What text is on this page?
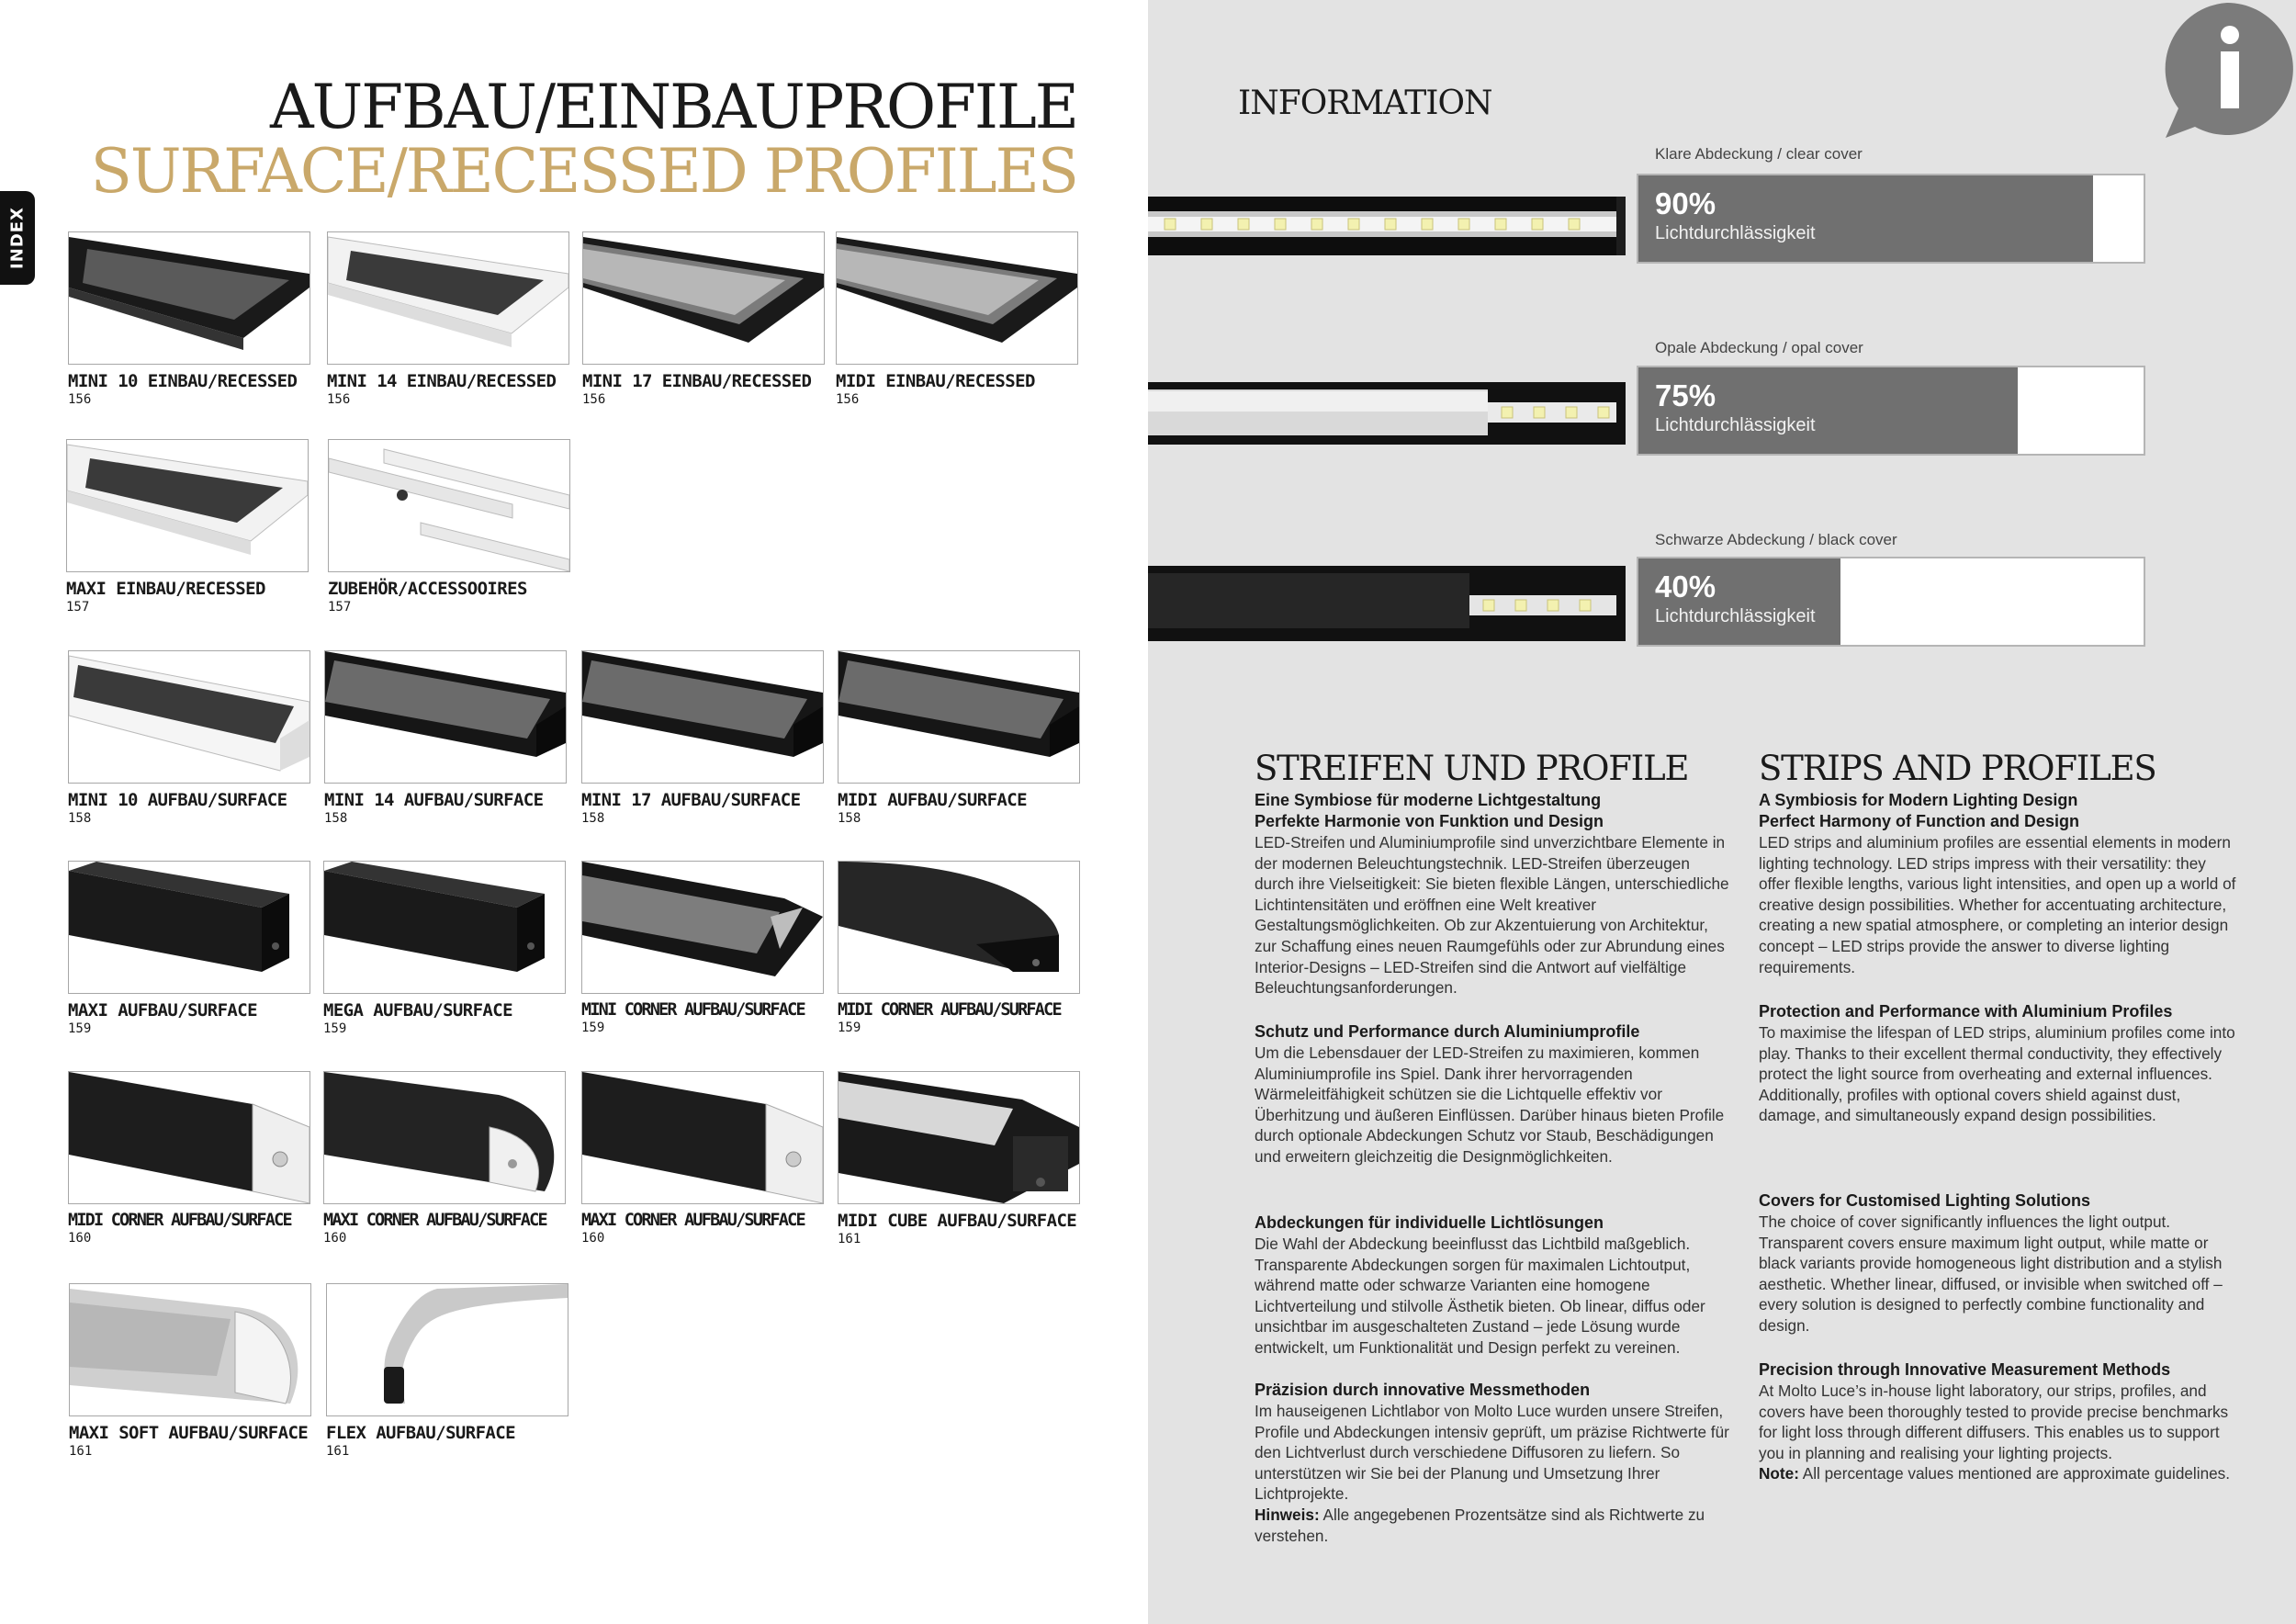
AUFBAU/EINBAUPROFILE
SURFACE/RECESSED PROFILES
INDEX
MINI 10 EINBAU/RECESSED
156
MINI 14 EINBAU/RECESSED
156
MINI 17 EINBAU/RECESSED
156
MIDI EINBAU/RECESSED
156
MAXI EINBAU/RECESSED
157
ZUBEHÖR/ACCESSOOIRES
157
MINI 10 AUFBAU/SURFACE
158
MINI 14 AUFBAU/SURFACE
158
MINI 17 AUFBAU/SURFACE
158
MIDI AUFBAU/SURFACE
158
MAXI AUFBAU/SURFACE
159
MEGA AUFBAU/SURFACE
159
MINI CORNER AUFBAU/SURFACE
159
MIDI CORNER AUFBAU/SURFACE
159
MIDI CORNER AUFBAU/SURFACE
160
MAXI CORNER AUFBAU/SURFACE
160
MAXI CORNER AUFBAU/SURFACE
160
MIDI CUBE AUFBAU/SURFACE
161
MAXI SOFT AUFBAU/SURFACE
161
FLEX AUFBAU/SURFACE
161
INFORMATION
Klare Abdeckung / clear cover
90%
Lichtdurchlässigkeit
Opale Abdeckung / opal cover
75%
Lichtdurchlässigkeit
Schwarze Abdeckung / black cover
40%
Lichtdurchlässigkeit
STREIFEN UND PROFILE
Eine Symbiose für moderne Lichtgestaltung
Perfekte Harmonie von Funktion und Design

LED-Streifen und Aluminiumprofile sind unverzichtbare Elemente in der modernen Beleuchtungstechnik. LED-Streifen überzeugen durch ihre Vielseitigkeit: Sie bieten flexible Längen, unterschiedliche Lichtintensitäten und eröffnen eine Welt kreativer Gestaltungsmöglichkeiten. Ob zur Akzentuierung von Architektur, zur Schaffung eines neuen Raumgefühls oder zur Abrundung eines Interior-Designs – LED-Streifen sind die Antwort auf vielfältige Beleuchtungsanforderungen.

Schutz und Performance durch Aluminiumprofile

Um die Lebensdauer der LED-Streifen zu maximieren, kommen Aluminiumprofile ins Spiel. Dank ihrer hervorragenden Wärmeleitfähigkeit schützen sie die Lichtquelle effektiv vor Überhitzung und äußeren Einflüssen. Darüber hinaus bieten Profile durch optionale Abdeckungen Schutz vor Staub, Beschädigungen und erweitern gleichzeitig die Designmöglichkeiten.

Abdeckungen für individuelle Lichtlösungen

Die Wahl der Abdeckung beeinflusst das Lichtbild maßgeblich. Transparente Abdeckungen sorgen für maximalen Lichtoutput, während matte oder schwarze Varianten eine homogene Lichtverteilung und stilvolle Ästhetik bieten. Ob linear, diffus oder unsichtbar im ausgeschalteten Zustand – jede Lösung wurde entwickelt, um Funktionalität und Design perfekt zu vereinen.

Präzision durch innovative Messmethoden

Im hauseigenen Lichtlabor von Molto Luce wurden unsere Streifen, Profile und Abdeckungen intensiv geprüft, um präzise Richtwerte für den Lichtverlust durch verschiedene Diffusoren zu liefern. So unterstützen wir Sie bei der Planung und Umsetzung Ihrer Lichtprojekte.

Hinweis: Alle angegebenen Prozentsätze sind als Richtwerte zu verstehen.

STRIPS AND PROFILES
A Symbiosis for Modern Lighting Design
Perfect Harmony of Function and Design

LED strips and aluminium profiles are essential elements in modern lighting technology. LED strips impress with their versatility: they offer flexible lengths, various light intensities, and open up a world of creative design possibilities. Whether for accentuating architecture, creating a new spatial atmosphere, or completing an interior design concept – LED strips provide the answer to diverse lighting requirements.

Protection and Performance with Aluminium Profiles

To maximise the lifespan of LED strips, aluminium profiles come into play. Thanks to their excellent thermal conductivity, they effectively protect the light source from overheating and external influences. Additionally, profiles with optional covers shield against dust, damage, and simultaneously expand design possibilities.

Covers for Customised Lighting Solutions

The choice of cover significantly influences the light output. Transparent covers ensure maximum light output, while matte or black variants provide homogeneous light distribution and a stylish aesthetic. Whether linear, diffused, or invisible when switched off – every solution is designed to perfectly combine functionality and design.

Precision through Innovative Measurement Methods

At Molto Luce’s in-house light laboratory, our strips, profiles, and covers have been thoroughly tested to provide precise benchmarks for light loss through different diffusers. This enables us to support you in planning and realising your lighting projects.

Note: All percentage values mentioned are approximate guidelines.
